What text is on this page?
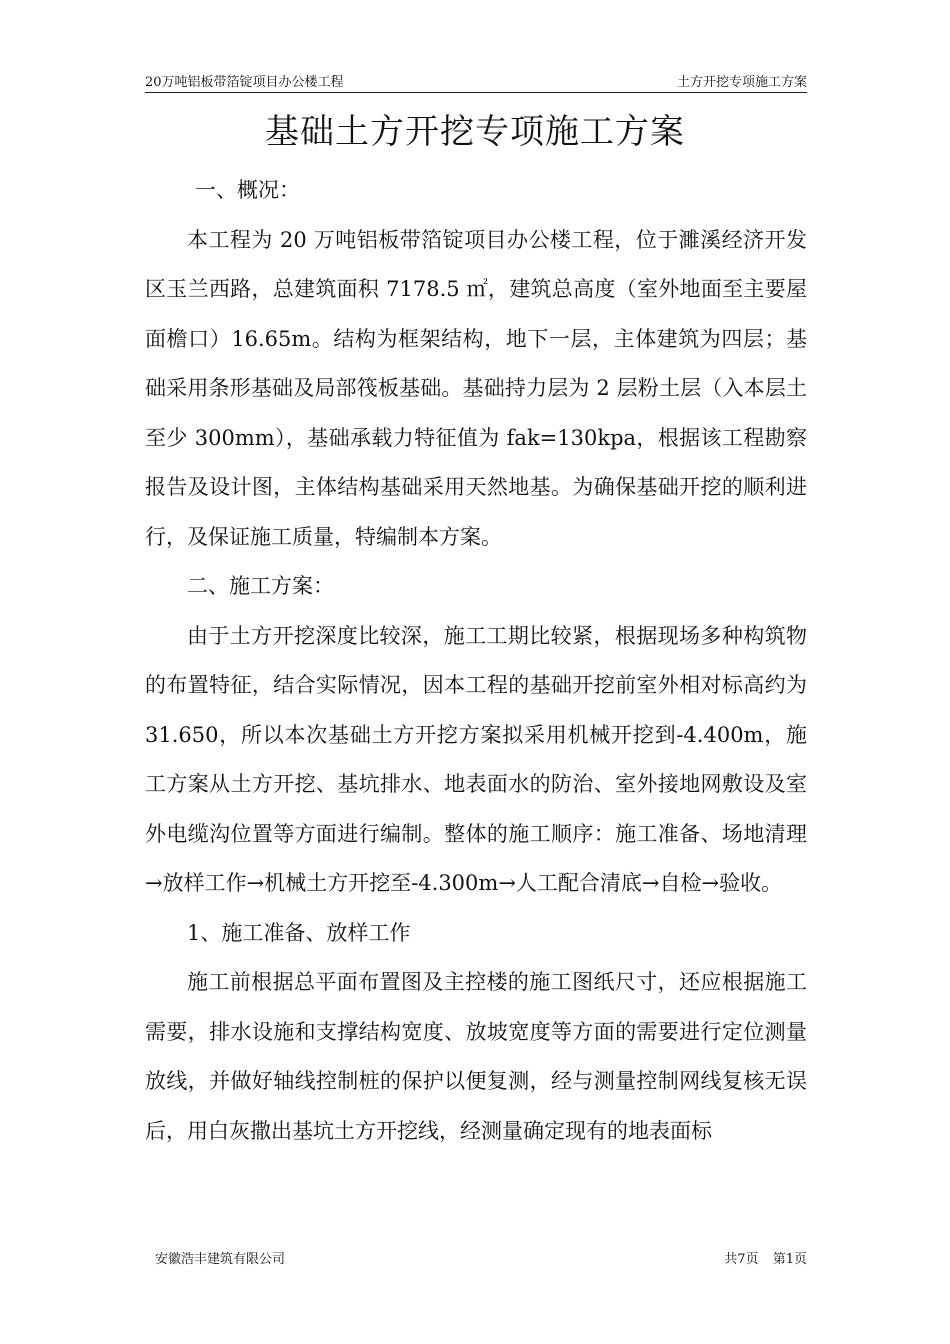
20万吨铝板带箔锭项目办公楼工程	土方开挖专项施工方案
基础土方开挖专项施工方案

一、概况：

本工程为 20 万吨铝板带箔锭项目办公楼工程，位于濉溪经济开发区玉兰西路，总建筑面积 7178.5 ㎡，建筑总高度（室外地面至主要屋面檐口）16.65m。结构为框架结构，地下一层，主体建筑为四层；基础采用条形基础及局部筏板基础。基础持力层为 2 层粉土层（入本层土至少 300mm），基础承载力特征值为 fak=130kpa，根据该工程勘察报告及设计图，主体结构基础采用天然地基。为确保基础开挖的顺利进行，及保证施工质量，特编制本方案。

二、施工方案：

由于土方开挖深度比较深，施工工期比较紧，根据现场多种构筑物的布置特征，结合实际情况，因本工程的基础开挖前室外相对标高约为 31.650，所以本次基础土方开挖方案拟采用机械开挖到-4.400m，施工方案从土方开挖、基坑排水、地表面水的防治、室外接地网敷设及室外电缆沟位置等方面进行编制。整体的施工顺序：施工准备、场地清理→放样工作→机械土方开挖至-4.300m→人工配合清底→自检→验收。

1、施工准备、放样工作

施工前根据总平面布置图及主控楼的施工图纸尺寸，还应根据施工需要，排水设施和支撑结构宽度、放坡宽度等方面的需要进行定位测量放线，并做好轴线控制桩的保护以便复测，经与测量控制网线复核无误后，用白灰撒出基坑土方开挖线，经测量确定现有的地表面标

安徽浩丰建筑有限公司	共7页 第1页
